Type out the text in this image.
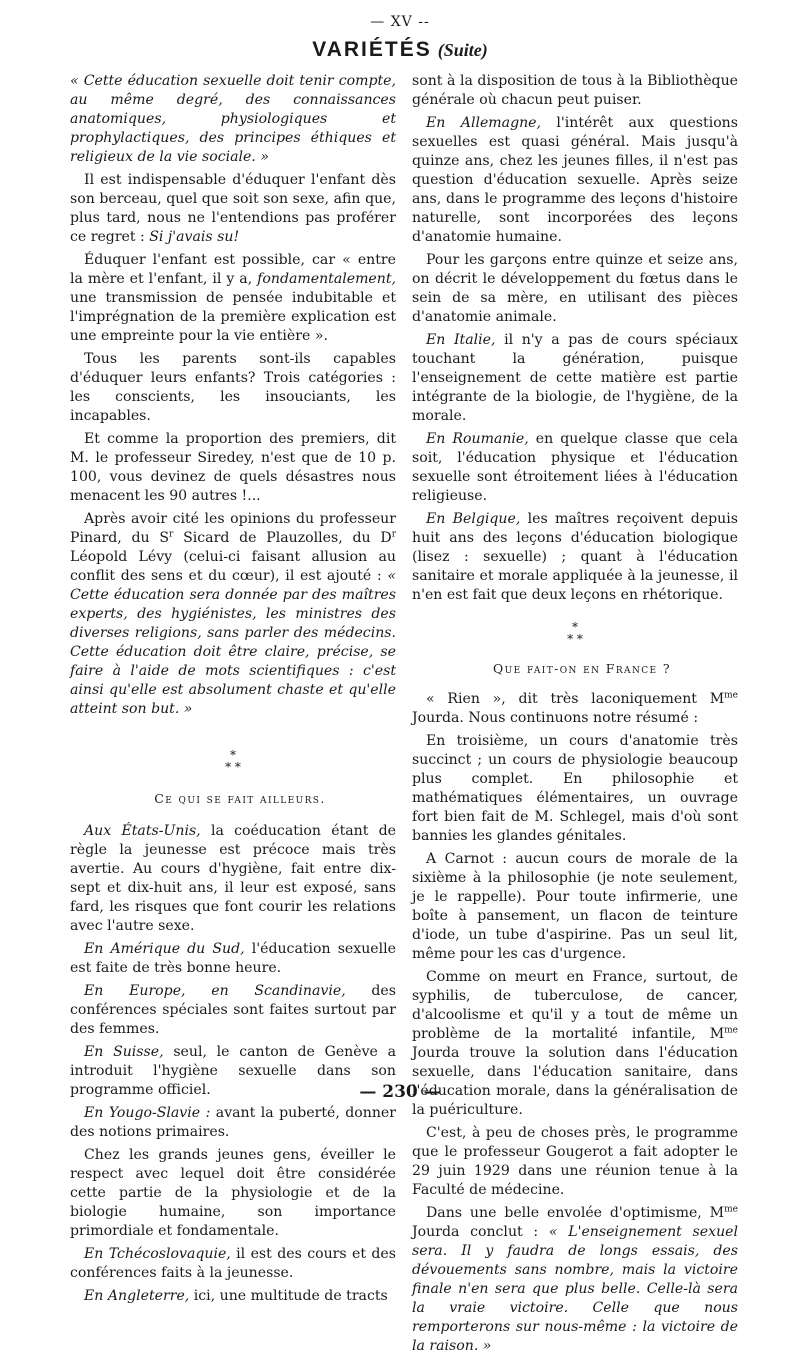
— XV --
VARIÉTÉS (Suite)

« Cette éducation sexuelle doit tenir compte, au même degré, des connaissances anatomiques, physiologiques et prophylactiques, des principes éthiques et religieux de la vie sociale. »

Il est indispensable d'éduquer l'enfant dès son berceau, quel que soit son sexe, afin que, plus tard, nous ne l'entendions pas proférer ce regret : Si j'avais su!

Éduquer l'enfant est possible, car « entre la mère et l'enfant, il y a, fondamentalement, une transmission de pensée indubitable et l'imprégnation de la première explication est une empreinte pour la vie entière ».

Tous les parents sont-ils capables d'éduquer leurs enfants? Trois catégories : les conscients, les insouciants, les incapables.

Et comme la proportion des premiers, dit M. le professeur Siredey, n'est que de 10 p. 100, vous devinez de quels désastres nous menacent les 90 autres !...

Après avoir cité les opinions du professeur Pinard, du $S^r$ Sicard de Plauzolles, du $D^r$ Léopold Lévy (celui-ci faisant allusion au conflit des sens et du cœur), il est ajouté : « Cette éducation sera donnée par des maîtres experts, des hygiénistes, les ministres des diverses religions, sans parler des médecins. Cette éducation doit être claire, précise, se faire à l'aide de mots scientifiques : c'est ainsi qu'elle est absolument chaste et qu'elle atteint son but. »

*
* *

Ce qui se fait ailleurs.

Aux États-Unis, la coéducation étant de règle la jeunesse est précoce mais très avertie. Au cours d'hygiène, fait entre dix-sept et dix-huit ans, il leur est exposé, sans fard, les risques que font courir les relations avec l'autre sexe.

En Amérique du Sud, l'éducation sexuelle est faite de très bonne heure.

En Europe, en Scandinavie, des conférences spéciales sont faites surtout par des femmes.

En Suisse, seul, le canton de Genève a introduit l'hygiène sexuelle dans son programme officiel.

En Yougo-Slavie : avant la puberté, donner des notions primaires.

Chez les grands jeunes gens, éveiller le respect avec lequel doit être considérée cette partie de la physiologie et de la biologie humaine, son importance primordiale et fondamentale.

En Tchécoslovaquie, il est des cours et des conférences faits à la jeunesse.

En Angleterre, ici, une multitude de tracts

sont à la disposition de tous à la Bibliothèque générale où chacun peut puiser.

En Allemagne, l'intérêt aux questions sexuelles est quasi général. Mais jusqu'à quinze ans, chez les jeunes filles, il n'est pas question d'éducation sexuelle. Après seize ans, dans le programme des leçons d'histoire naturelle, sont incorporées des leçons d'anatomie humaine.

Pour les garçons entre quinze et seize ans, on décrit le développement du fœtus dans le sein de sa mère, en utilisant des pièces d'anatomie animale.

En Italie, il n'y a pas de cours spéciaux touchant la génération, puisque l'enseignement de cette matière est partie intégrante de la biologie, de l'hygiène, de la morale.

En Roumanie, en quelque classe que cela soit, l'éducation physique et l'éducation sexuelle sont étroitement liées à l'éducation religieuse.

En Belgique, les maîtres reçoivent depuis huit ans des leçons d'éducation biologique (lisez : sexuelle) ; quant à l'éducation sanitaire et morale appliquée à la jeunesse, il n'en est fait que deux leçons en rhétorique.

*
* *

Que fait-on en France ?

« Rien », dit très laconiquement $M^{me}$ Jourda. Nous continuons notre résumé :

En troisième, un cours d'anatomie très succinct ; un cours de physiologie beaucoup plus complet. En philosophie et mathématiques élémentaires, un ouvrage fort bien fait de M. Schlegel, mais d'où sont bannies les glandes génitales.

A Carnot : aucun cours de morale de la sixième à la philosophie (je note seulement, je le rappelle). Pour toute infirmerie, une boîte à pansement, un flacon de teinture d'iode, un tube d'aspirine. Pas un seul lit, même pour les cas d'urgence.

Comme on meurt en France, surtout, de syphilis, de tuberculose, de cancer, d'alcoolisme et qu'il y a tout de même un problème de la mortalité infantile, $M^{me}$ Jourda trouve la solution dans l'éducation sexuelle, dans l'éducation sanitaire, dans l'éducation morale, dans la généralisation de la puériculture.

C'est, à peu de choses près, le programme que le professeur Gougerot a fait adopter le 29 juin 1929 dans une réunion tenue à la Faculté de médecine.

Dans une belle envolée d'optimisme, $M^{me}$ Jourda conclut : « L'enseignement sexuel sera. Il y faudra de longs essais, des dévouements sans nombre, mais la victoire finale n'en sera que plus belle. Celle-là sera la vraie victoire. Celle que nous remporterons sur nous-même : la victoire de la raison. »

— 230 —
